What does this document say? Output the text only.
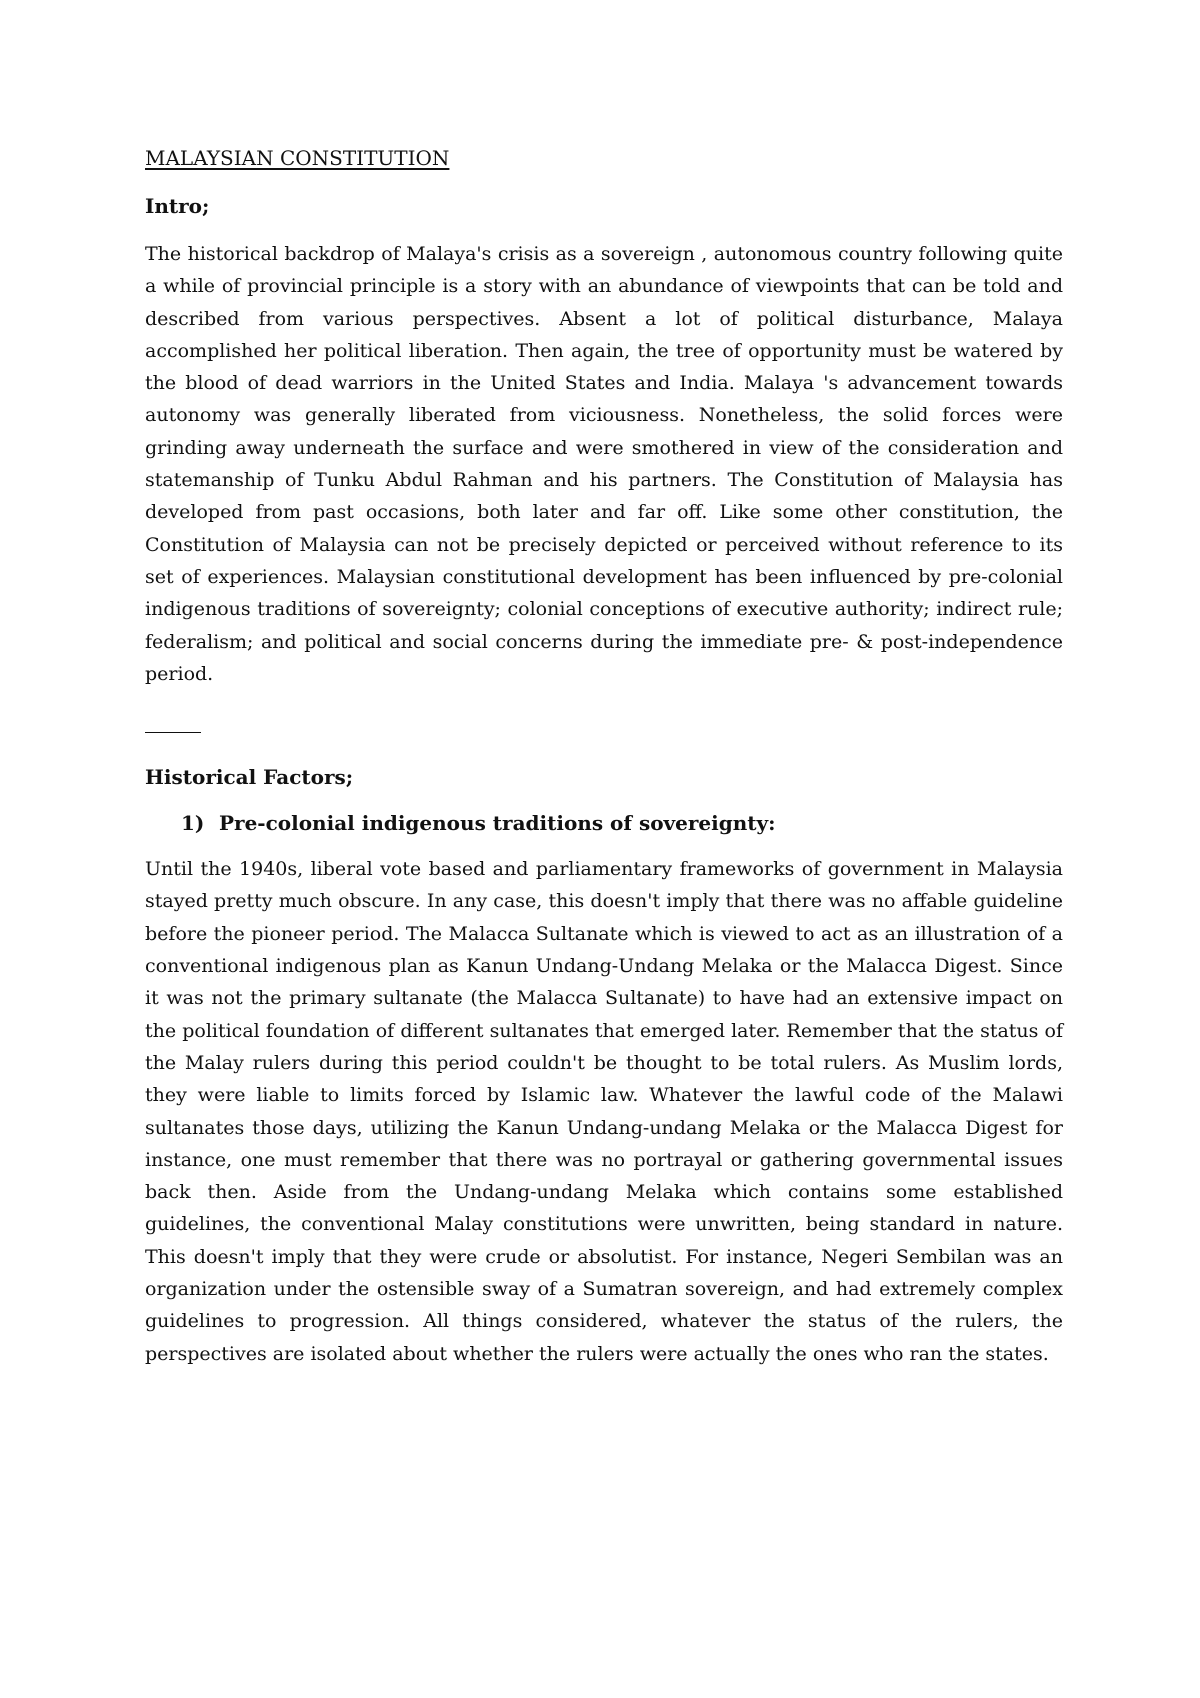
MALAYSIAN CONSTITUTION
Intro;

The historical backdrop of Malaya's crisis as a sovereign , autonomous country following quite a while of provincial principle is a story with an abundance of viewpoints that can be told and described from various perspectives. Absent a lot of political disturbance, Malaya accomplished her political liberation. Then again, the tree of opportunity must be watered by the blood of dead warriors in the United States and India. Malaya 's advancement towards autonomy was generally liberated from viciousness. Nonetheless, the solid forces were grinding away underneath the surface and were smothered in view of the consideration and statemanship of Tunku Abdul Rahman and his partners. The Constitution of Malaysia has developed from past occasions, both later and far off. Like some other constitution, the Constitution of Malaysia can not be precisely depicted or perceived without reference to its set of experiences. Malaysian constitutional development has been influenced by pre-colonial indigenous traditions of sovereignty; colonial conceptions of executive authority; indirect rule; federalism; and political and social concerns during the immediate pre- & post-independence period.

Historical Factors;
1) Pre-colonial indigenous traditions of sovereignty:

Until the 1940s, liberal vote based and parliamentary frameworks of government in Malaysia stayed pretty much obscure. In any case, this doesn't imply that there was no affable guideline before the pioneer period. The Malacca Sultanate which is viewed to act as an illustration of a conventional indigenous plan as Kanun Undang-Undang Melaka or the Malacca Digest. Since it was not the primary sultanate (the Malacca Sultanate) to have had an extensive impact on the political foundation of different sultanates that emerged later. Remember that the status of the Malay rulers during this period couldn't be thought to be total rulers. As Muslim lords, they were liable to limits forced by Islamic law. Whatever the lawful code of the Malawi sultanates those days, utilizing the Kanun Undang-undang Melaka or the Malacca Digest for instance, one must remember that there was no portrayal or gathering governmental issues back then. Aside from the Undang-undang Melaka which contains some established guidelines, the conventional Malay constitutions were unwritten, being standard in nature. This doesn't imply that they were crude or absolutist. For instance, Negeri Sembilan was an organization under the ostensible sway of a Sumatran sovereign, and had extremely complex guidelines to progression. All things considered, whatever the status of the rulers, the perspectives are isolated about whether the rulers were actually the ones who ran the states.
